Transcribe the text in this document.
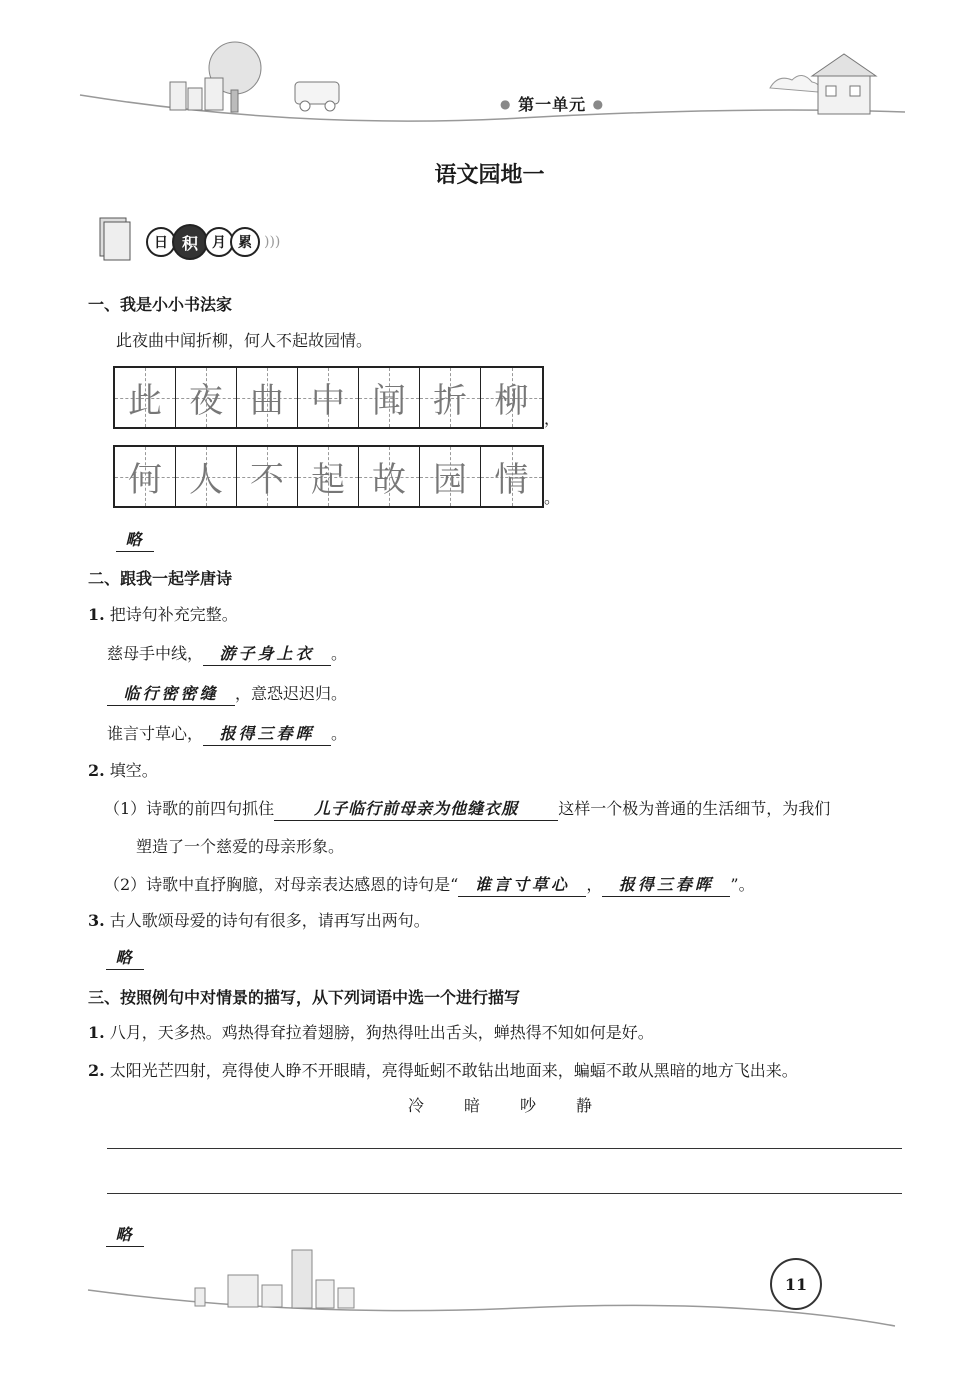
● 第一单元 ●
语文园地一
日 积	月 累 )))
一、我是小小书法家
此夜曲中闻折柳，何人不起故园情。
此 夜 曲 中 闻 折 柳 ，
何 人 不 起 故 园 情 。
略
二、跟我一起学唐诗
1. 把诗句补充完整。
慈母手中线， 游子身上衣 。
临行密密缝 ，意恐迟迟归。
谁言寸草心， 报得三春晖 。
2. 填空。
（1）诗歌的前四句抓住 儿子临行前母亲为他缝衣服	这样一个极为普通的生活细节，为我们
塑造了一个慈爱的母亲形象。
（2）诗歌中直抒胸臆，对母亲表达感恩的诗句是“ 谁言寸草心 ， 报得三春晖 ”。
3. 古人歌颂母爱的诗句有很多，请再写出两句。
略
三、按照例句中对情景的描写，从下列词语中选一个进行描写
1. 八月，天多热。鸡热得耷拉着翅膀，狗热得吐出舌头，蝉热得不知如何是好。
2. 太阳光芒四射，亮得使人睁不开眼睛，亮得蚯蚓不敢钻出地面来，蝙蝠不敢从黑暗的地方飞出来。
冷	暗	吵	静
略
11
